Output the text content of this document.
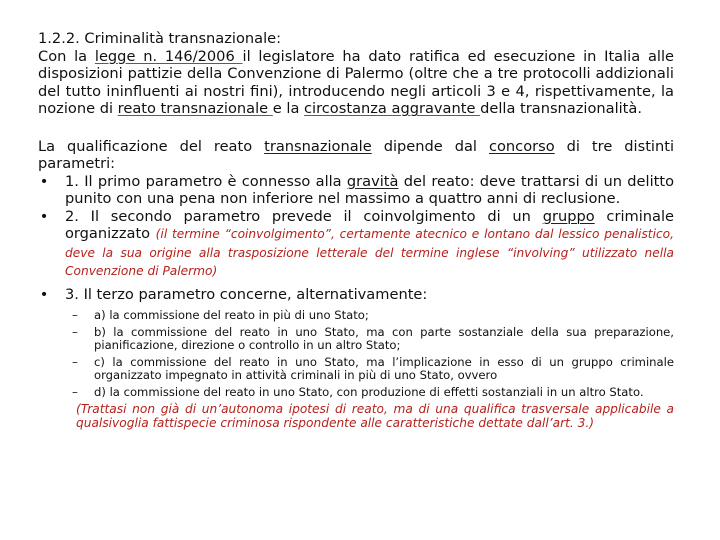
1.2.2. Criminalità transnazionale:

Con la legge n. 146/2006 il legislatore ha dato ratifica ed esecuzione in Italia alle disposizioni pattizie della Convenzione di Palermo (oltre che a tre protocolli addizionali del tutto ininfluenti ai nostri fini), introducendo negli articoli 3 e 4, rispettivamente, la nozione di reato transnazionale e la circostanza aggravante della transnazionalità.

La qualificazione del reato transnazionale dipende dal concorso di tre distinti parametri:

• 1. Il primo parametro è connesso alla gravità del reato: deve trattarsi di un delitto punito con una pena non inferiore nel massimo a quattro anni di reclusione.
• 2. Il secondo parametro prevede il coinvolgimento di un gruppo criminale organizzato (il termine “coinvolgimento”, certamente atecnico e lontano dal lessico penalistico, deve la sua origine alla trasposizione letterale del termine inglese “involving” utilizzato nella Convenzione di Palermo)
• 3. Il terzo parametro concerne, alternativamente:
– a) la commissione del reato in più di uno Stato;
– b) la commissione del reato in uno Stato, ma con parte sostanziale della sua preparazione, pianificazione, direzione o controllo in un altro Stato;
– c) la commissione del reato in uno Stato, ma l’implicazione in esso di un gruppo criminale organizzato impegnato in attività criminali in più di uno Stato, ovvero
– d) la commissione del reato in uno Stato, con produzione di effetti sostanziali in un altro Stato.
(Trattasi non già di un’autonoma ipotesi di reato, ma di una qualifica trasversale applicabile a qualsivoglia fattispecie criminosa rispondente alle caratteristiche dettate dall’art. 3.)
